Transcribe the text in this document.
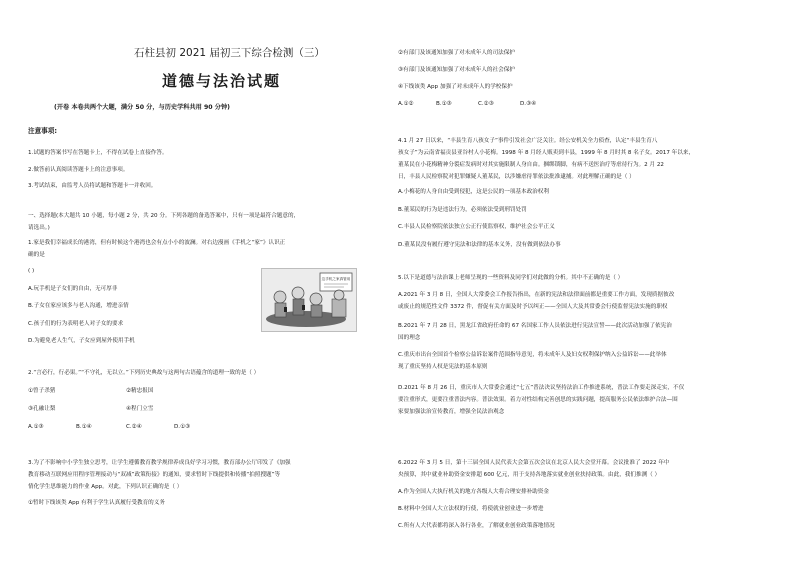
石柱县初 2021 届初三下综合检测（三）
道德与法治试题
(开卷 本卷共两个大题，满分 50 分，与历史学科共用 90 分钟)
注意事项:
1.试题的答案书写在答题卡上，不得在试卷上直接作答。
2.做答前认真阅读答题卡上的注意事项。
3.考试结束，由监考人员将试题和答题卡一并收回。
一、选择题(本大题共 10 小题，每小题 2 分，共 20 分。下列各题的备选答案中，只有一项是最符合题意的，
请选出。)
1.家是我们幸福成长的港湾，但有时候这个港湾也会有点小小的波澜。对右边漫画《手机之“家”》认识正
确的是
( )
A.玩手机是子女们的自由，无可厚非
B.子女在家应该多与老人沟通，增进亲情
C.孩子们的行为表明老人对子女的要求
D.为避免老人生气，子女应到屋外使用手机
这手机之家真管用
2.“言必行，行必果。”“不守礼，无以立。”下列历史典故与这两句古语蕴含的道理一致的是（ ）
①曾子杀猪	②精忠报国
③孔融让梨	④程门立雪
A.①③	B.①④	C.②④	D.①③
3.为了不影响中小学生独立思考，让学生遵循教育教学规律养成良好学习习惯，教育部办公厅印发了《加强
教育移动互联网应用程序管理接动与“双减”政策衔接》的通知，要求暂时下线提供和传播“拍照搜题”等
情化学生思维能力的作业 App。对此，下列认识正确的是（ ）
①暂时下线该类 App 有利于学生认真履行受教育的义务
②有部门及该通知加强了对未成年人的司法保护
③有部门及该通知加强了对未成年人的社会保护
④下线该类 App 加强了对未成年人的学校保护
A.①②	B.①③	C.②③	D.③④
4.1 月 27 日以来，“丰县生育八孩女子”事件引发社会广泛关注。经公安机关全力侦查，认定“丰县生育八
孩女子”为云南省福贡县亚谷村人小花梅。1998 年 8 月经人贩卖到丰县，1999 年 8 月时其 8 名子女。2017 年以来，
董某民在小花梅精神分裂症发病时对其实施限制人身自由。捆绑锁脚，有病不送医治疗等虐待行为。2 月 22
日，丰县人民检察院对犯罪嫌疑人董某民，以涉嫌虐待罪依法批准逮捕。对此理解正确的是（ ）
A.小梅花的人身自由受到侵犯，这是公民的一项基本政治权利
B.董某民的行为是违法行为，必须依法受到刑罚处罚
C.丰县人民检察院依法独立公正行使监察权，维护社会公平正义
D.董某民没有履行遵守宪法和法律的基本义务，没有做到依法办事
5.以下是道德与法治课上老师呈现的一些资料及同学们对此做的分析。其中不正确的是（ ）
A.2021 年 3 月 8 日，全国人大常委会工作报告指出，在新的宪法和法律面前都是重要工作方面，发现质据彼改
或废止的规范性文件 3372 件，督促有关方面及时予以纠正——全国人大及其常委会行使监督宪法实施的职权
B.2021 年 7 月 28 日，黑龙江省政府任命的 67 名国家工作人员依法进行宪法宣誓——此次活动加强了依宪治
国的理念
C.重庆市出台全国首个检察公益诉讼案件范围指导意见，将未成年人及妇女权利保护纳入公益诉讼——此举体
现了重庆坚持人权是宪法的基本原则
D.2021 年 8 月 26 日，重庆市人大常委会通过“七五”普法决议坚持法治工作推进系统，普法工作要走深走实，不仅
要注重形式，更要注重普法内容。普法效果。着力对性结构完善创思的实践问题，提高服务公民依法维护合法—围
家要加强法治宣传教育，增强全民法治观念
6.2022 年 3 月 5 日，第十三届全国人民代表大会第五次会议在北京人民大会堂开幕。会议批准了 2022 年中
央预算，其中就业补助资金安排超 600 亿元，用于支持各地落实就业创业扶持政策。由此，我们推测（ ）
A.作为全国人大执行机关的地方各级人大将合理安排补助资金
B.材料中全国人大立法权的行使，将使就业创业进一步增进
C.所有人大代表都将深入各行各业，了解就业创业政策落地情况
